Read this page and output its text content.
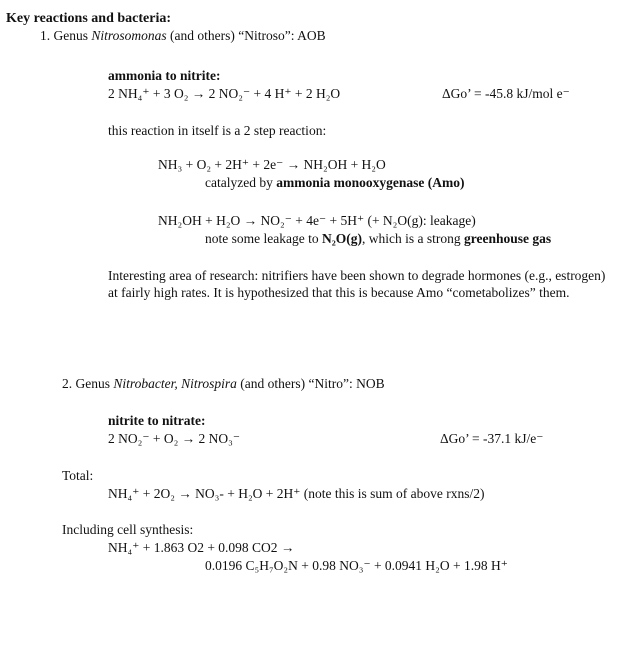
Key reactions and bacteria:
1. Genus Nitrosomonas (and others) “Nitroso”: AOB
ammonia to nitrite:
2 NH₄⁺ + 3 O₂ → 2 NO₂⁻ + 4 H⁺ + 2 H₂O	ΔGo’ = -45.8 kJ/mol e⁻
this reaction in itself is a 2 step reaction:
NH₃ + O₂ + 2H⁺ + 2e⁻ → NH₂OH + H₂O
catalyzed by ammonia monooxygenase (Amo)
NH₂OH + H₂O → NO₂⁻ + 4e⁻ + 5H⁺ (+ N₂O(g): leakage)
note some leakage to N₂O(g), which is a strong greenhouse gas
Interesting area of research: nitrifiers have been shown to degrade hormones (e.g., estrogen) at fairly high rates. It is hypothesized that this is because Amo “cometabolizes” them.
2. Genus Nitrobacter, Nitrospira (and others) “Nitro”: NOB
nitrite to nitrate:
2 NO₂⁻ + O₂ → 2 NO₃⁻	ΔGo’ = -37.1 kJ/e⁻
Total:
NH₄⁺ + 2O₂ → NO₃- + H₂O + 2H⁺ (note this is sum of above rxns/2)
Including cell synthesis:
NH₄⁺ + 1.863 O2 + 0.098 CO2 →
0.0196 C₅H₇O₂N + 0.98 NO₃⁻ + 0.0941 H₂O + 1.98 H⁺
